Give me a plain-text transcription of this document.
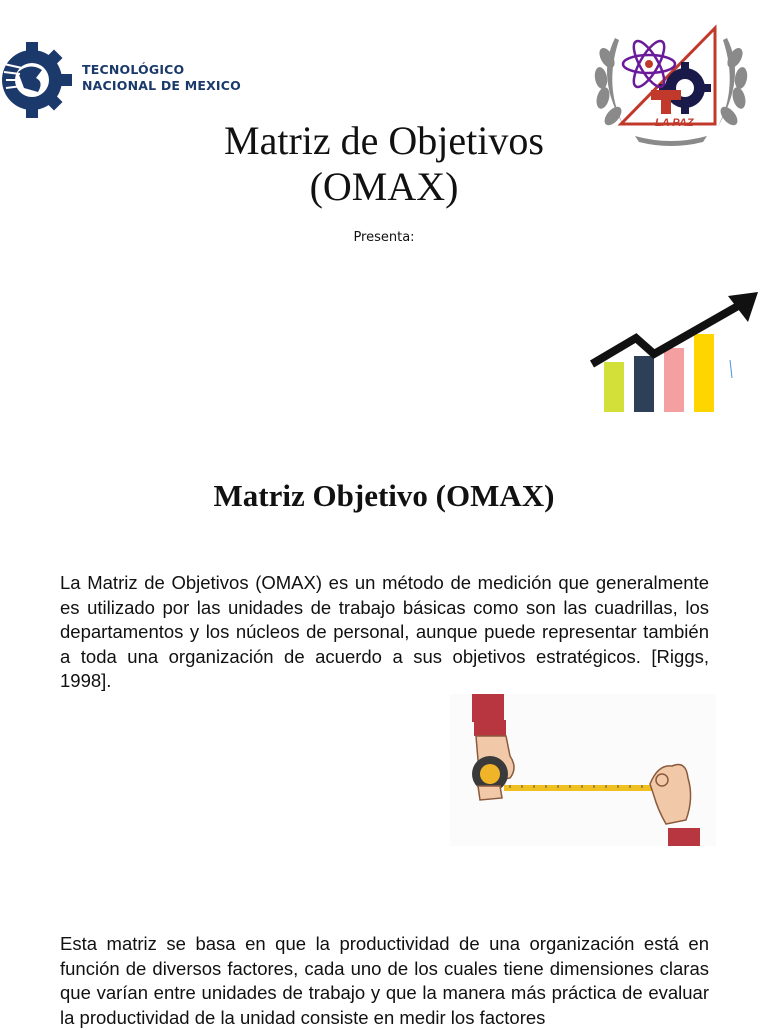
TECNOLÓGICO
NACIONAL DE MEXICO
LA PAZ
Matriz de Objetivos
(OMAX)
Presenta:
Matriz Objetivo (OMAX)

La Matriz de Objetivos (OMAX) es un método de medición que generalmente es utilizado por las unidades de trabajo básicas como son las cuadrillas, los departamentos y los núcleos de personal, aunque puede representar también a toda una organización de acuerdo a sus objetivos estratégicos. [Riggs, 1998].

Esta matriz se basa en que la productividad de una organización está en función de diversos factores, cada uno de los cuales tiene dimensiones claras que varían entre unidades de trabajo y que la manera más práctica de evaluar la productividad de la unidad consiste en medir los factores
